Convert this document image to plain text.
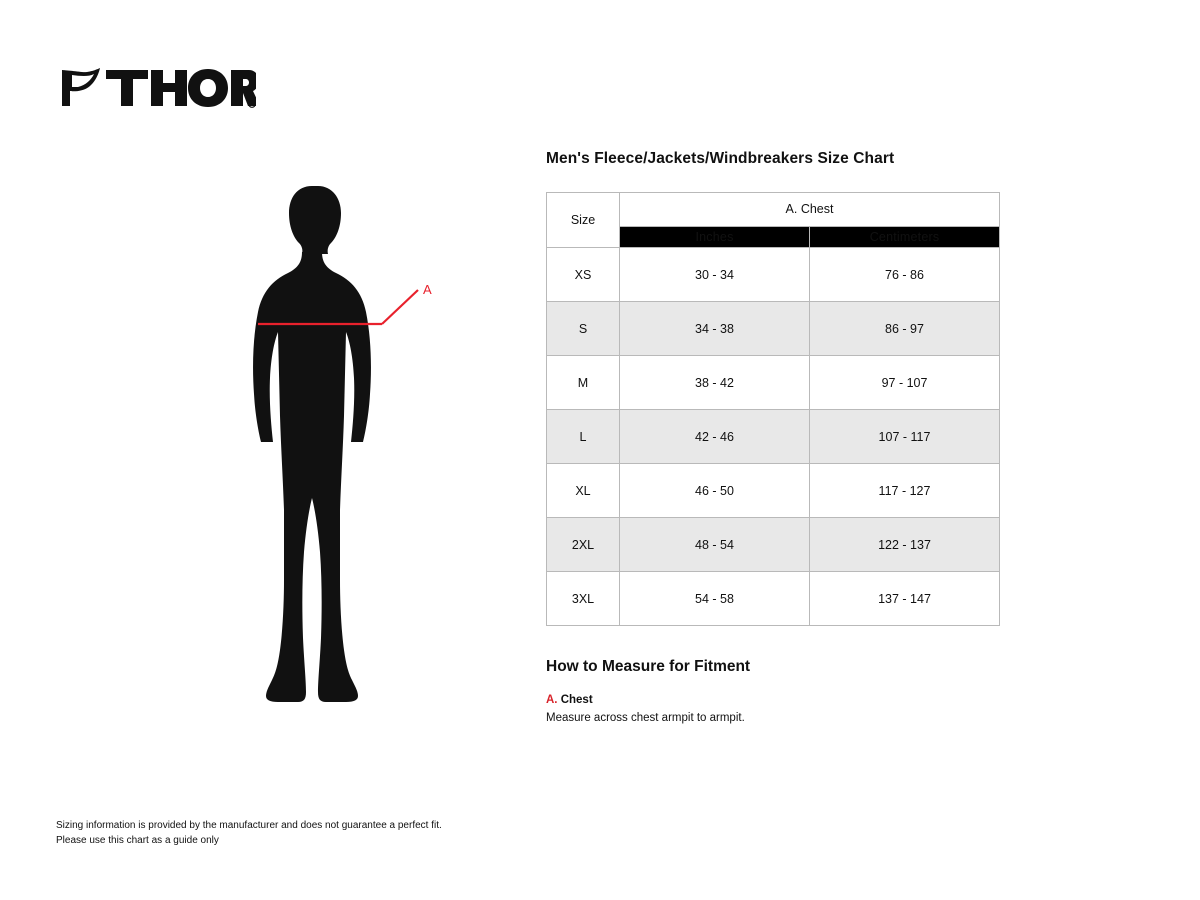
R
A
Men's Fleece/Jackets/Windbreakers Size Chart
Size	A. Chest	
	Inches	Centimeters
XS	30 - 34	76 - 86
S	34 - 38	86 - 97
M	38 - 42	97 - 107
L	42 - 46	107 - 117
XL	46 - 50	117 - 127
2XL	48 - 54	122 - 137
3XL	54 - 58	137 - 147
How to Measure for Fitment
A. Chest
Measure across chest armpit to armpit.
Sizing information is provided by the manufacturer and does not guarantee a perfect fit.
Please use this chart as a guide only
